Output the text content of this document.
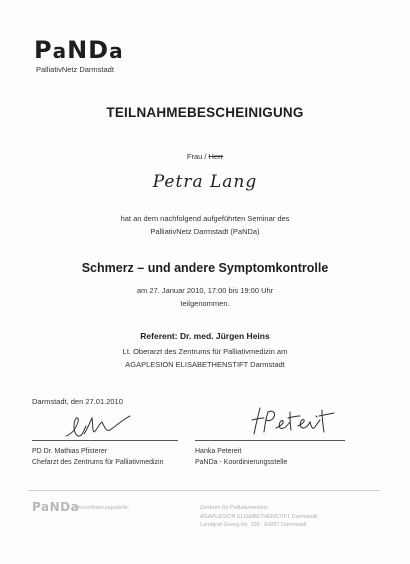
PaNDa
PalliativNetz Darmstadt
TEILNAHMEBESCHEINIGUNG
Frau / Herr
Petra Lang
hat an dem nachfolgend aufgeführten Seminar des
PalliativNetz Darmstadt (PaNDa)
Schmerz – und andere Symptomkontrolle
am 27. Januar 2010, 17:00 bis 19:00 Uhr
teilgenommen.
Referent: Dr. med. Jürgen Heins
Lt. Oberarzt des Zentrums für Palliativmedizin am
AGAPLESION ELISABETHENSTIFT Darmstadt
Darmstadt, den 27.01.2010
PD Dr. Mathias Pfisterer
Chefarzt des Zentrums für Palliativmedizin
Hanka Petereit
PaNDa - Koordinierungsstelle
PaNDa
Koordinierungsstelle:	Zentrum für Palliativmedizin
AGAPLESION ELISABETHENSTIFT Darmstadt
Landgraf-Georg-Str. 100 , 64287 Darmstadt
